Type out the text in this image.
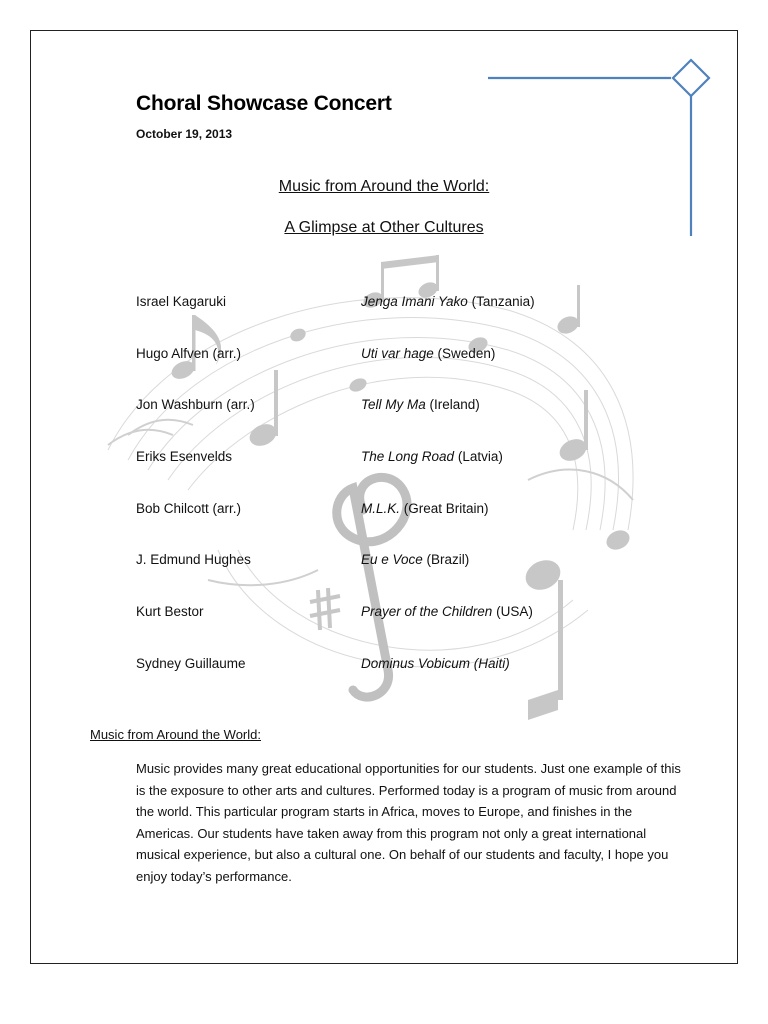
Choral Showcase Concert
October 19, 2013
Music from Around the World:
A Glimpse at Other Cultures
Israel Kagaruki	Jenga Imani Yako (Tanzania)
Hugo Alfven (arr.)	Uti var hage (Sweden)
Jon Washburn (arr.)	Tell My Ma (Ireland)
Eriks Esenvelds	The Long Road (Latvia)
Bob Chilcott (arr.)	M.L.K. (Great Britain)
J. Edmund Hughes	Eu e Voce (Brazil)
Kurt Bestor	Prayer of the Children (USA)
Sydney Guillaume	Dominus Vobicum (Haiti)
Music from Around the World:
Music provides many great educational opportunities for our students. Just one example of this is the exposure to other arts and cultures. Performed today is a program of music from around the world. This particular program starts in Africa, moves to Europe, and finishes in the Americas. Our students have taken away from this program not only a great international musical experience, but also a cultural one. On behalf of our students and faculty, I hope you enjoy today’s performance.
